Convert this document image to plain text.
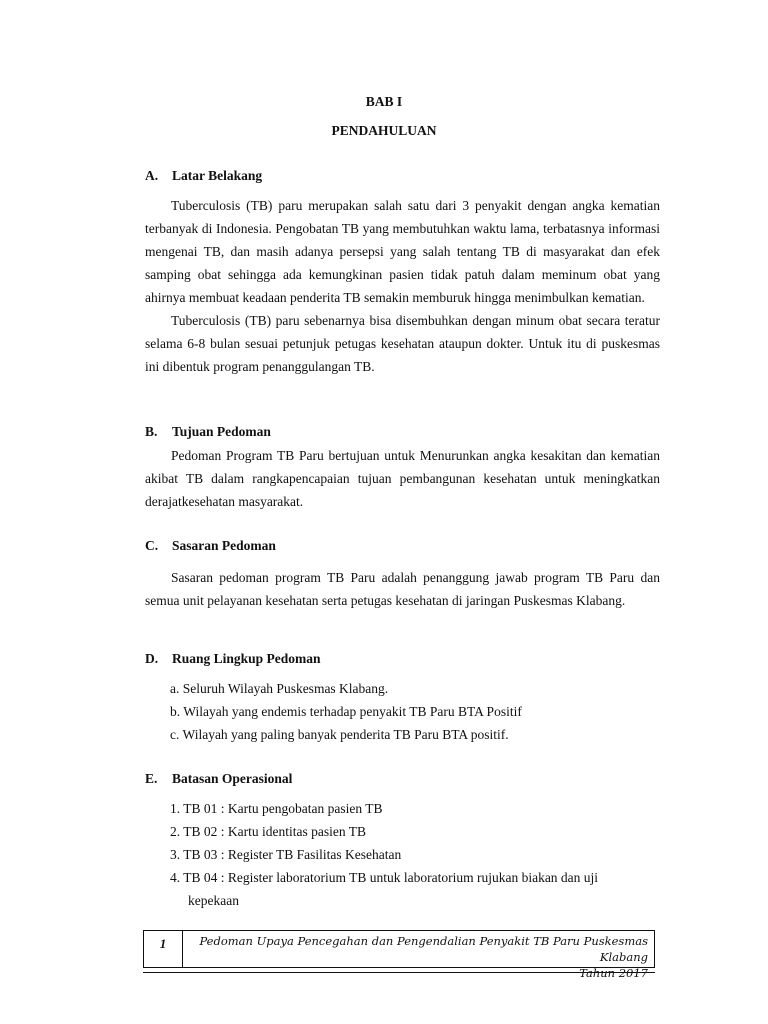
BAB I
PENDAHULUAN
A. Latar Belakang

Tuberculosis (TB) paru merupakan salah satu dari 3 penyakit dengan angka kematian terbanyak di Indonesia. Pengobatan TB yang membutuhkan waktu lama, terbatasnya informasi mengenai TB, dan masih adanya persepsi yang salah tentang TB di masyarakat dan efek samping obat sehingga ada kemungkinan pasien tidak patuh dalam meminum obat yang ahirnya membuat keadaan penderita TB semakin memburuk hingga menimbulkan kematian.

Tuberculosis (TB) paru sebenarnya bisa disembuhkan dengan minum obat secara teratur selama 6-8 bulan sesuai petunjuk petugas kesehatan ataupun dokter. Untuk itu di puskesmas ini dibentuk program penanggulangan TB.

B. Tujuan Pedoman

Pedoman Program TB Paru bertujuan untuk Menurunkan angka kesakitan dan kematian akibat TB dalam rangkapencapaian tujuan pembangunan kesehatan untuk meningkatkan derajatkesehatan masyarakat.

C. Sasaran Pedoman

Sasaran pedoman program TB Paru adalah penanggung jawab program TB Paru dan semua unit pelayanan kesehatan serta petugas kesehatan di jaringan Puskesmas Klabang.

D. Ruang Lingkup Pedoman
a. Seluruh Wilayah Puskesmas Klabang.
b. Wilayah yang endemis terhadap penyakit TB Paru BTA Positif
c. Wilayah yang paling banyak penderita TB Paru BTA positif.
E. Batasan Operasional
1. TB 01 : Kartu pengobatan pasien TB
2. TB 02 : Kartu identitas pasien TB
3. TB 03 : Register TB Fasilitas Kesehatan
4. TB 04 : Register laboratorium TB untuk laboratorium rujukan biakan dan uji
kepekaan
1	Pedoman Upaya Pencegahan dan Pengendalian Penyakit TB Paru Puskesmas Klabang
Tahun 2017
